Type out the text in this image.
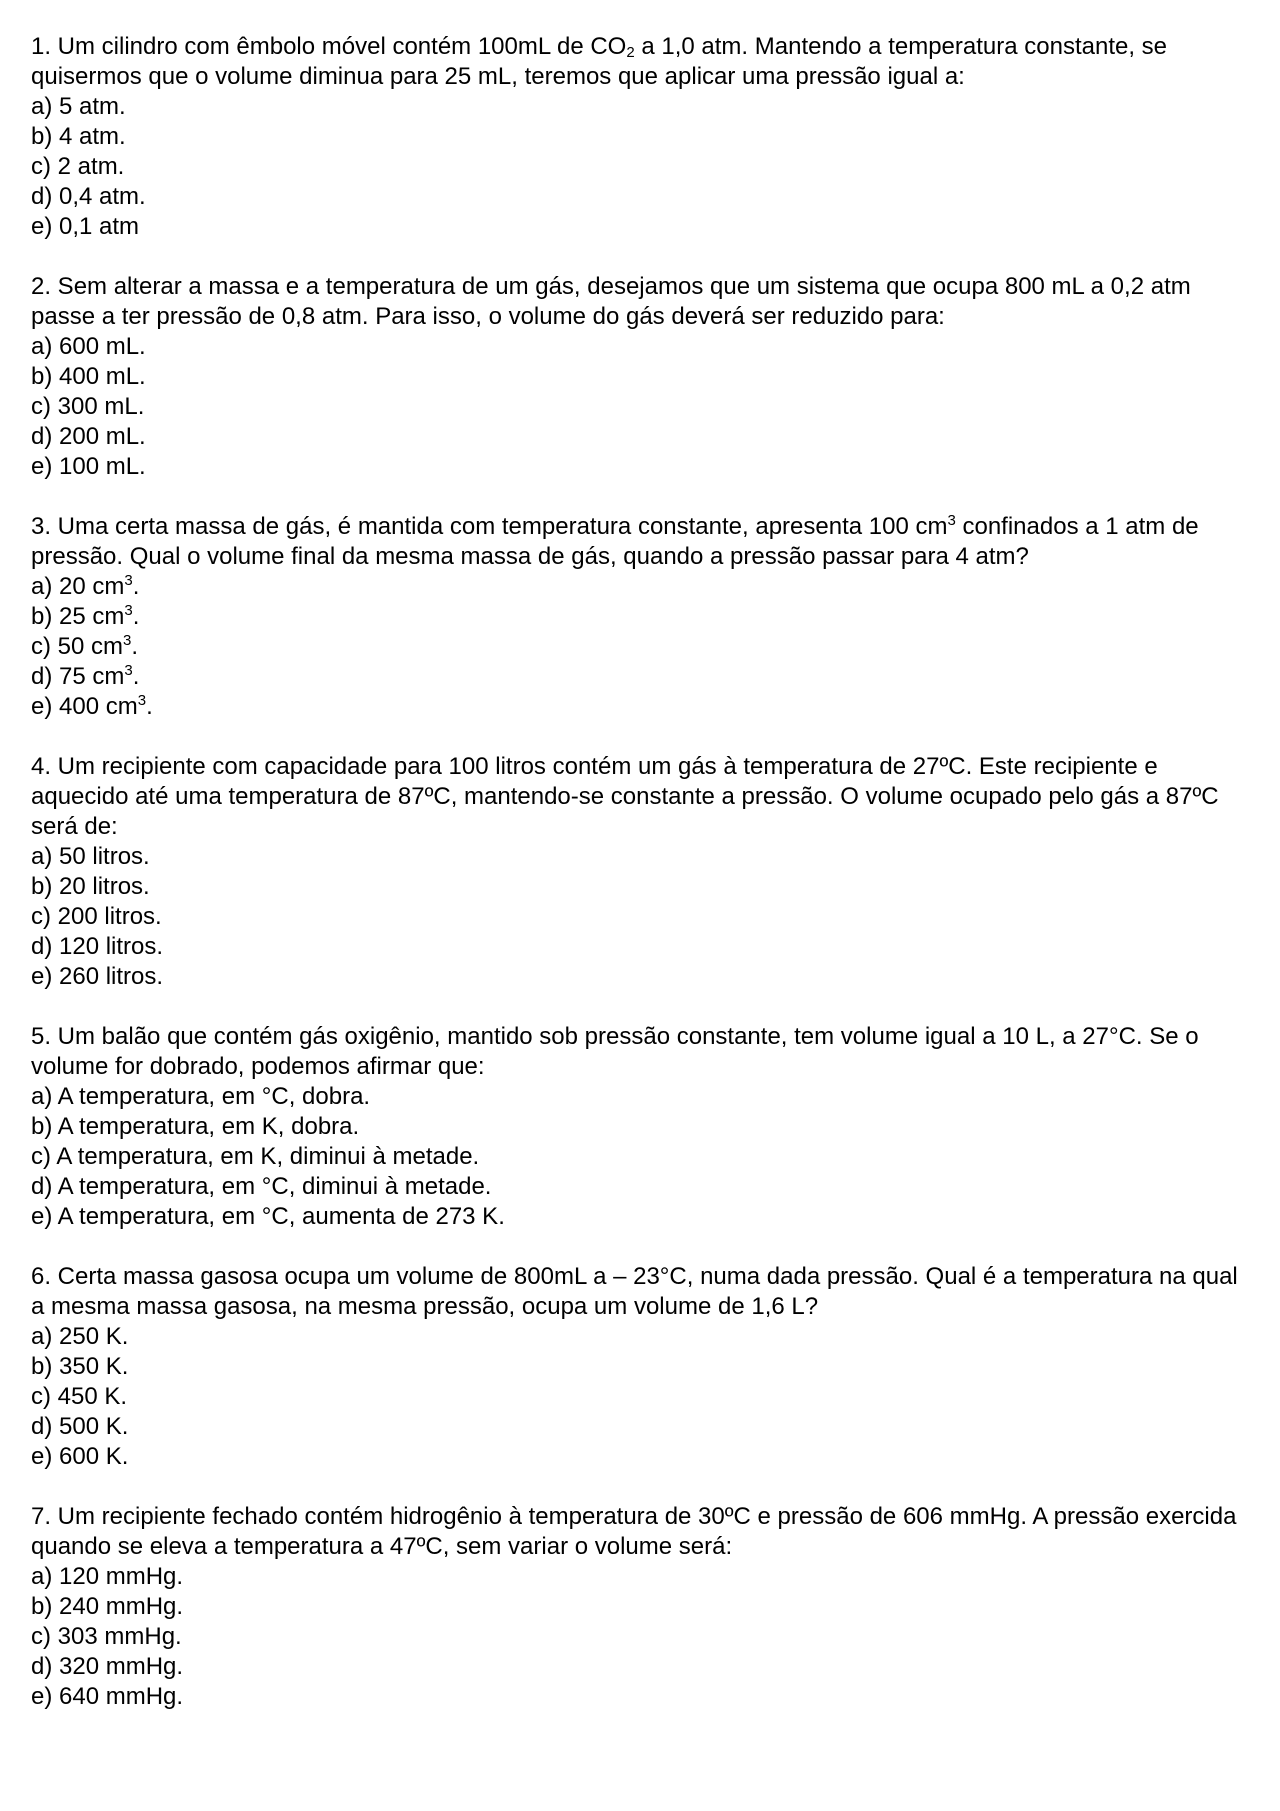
1. Um cilindro com êmbolo móvel contém 100mL de $CO_2$ a 1,0 atm. Mantendo a temperatura constante, se quisermos que o volume diminua para 25 mL, teremos que aplicar uma pressão igual a:

a) 5 atm.
b) 4 atm.
c) 2 atm.
d) 0,4 atm.
e) 0,1 atm

2. Sem alterar a massa e a temperatura de um gás, desejamos que um sistema que ocupa 800 mL a 0,2 atm passe a ter pressão de 0,8 atm. Para isso, o volume do gás deverá ser reduzido para:

a) 600 mL.
b) 400 mL.
c) 300 mL.
d) 200 mL.
e) 100 mL.

3. Uma certa massa de gás, é mantida com temperatura constante, apresenta 100 $cm^3$ confinados a 1 atm de pressão. Qual o volume final da mesma massa de gás, quando a pressão passar para 4 atm?

a) 20 $cm^3$.
b) 25 $cm^3$.
c) 50 $cm^3$.
d) 75 $cm^3$.
e) 400 $cm^3$.

4. Um recipiente com capacidade para 100 litros contém um gás à temperatura de 27ºC. Este recipiente e aquecido até uma temperatura de 87ºC, mantendo-se constante a pressão. O volume ocupado pelo gás a 87ºC será de:

a) 50 litros.
b) 20 litros.
c) 200 litros.
d) 120 litros.
e) 260 litros.

5. Um balão que contém gás oxigênio, mantido sob pressão constante, tem volume igual a 10 L, a 27°C. Se o volume for dobrado, podemos afirmar que:

a) A temperatura, em °C, dobra.
b) A temperatura, em K, dobra.
c) A temperatura, em K, diminui à metade.
d) A temperatura, em °C, diminui à metade.
e) A temperatura, em °C, aumenta de 273 K.

6. Certa massa gasosa ocupa um volume de 800mL a – 23°C, numa dada pressão. Qual é a temperatura na qual a mesma massa gasosa, na mesma pressão, ocupa um volume de 1,6 L?

a) 250 K.
b) 350 K.
c) 450 K.
d) 500 K.
e) 600 K.

7. Um recipiente fechado contém hidrogênio à temperatura de 30ºC e pressão de 606 mmHg. A pressão exercida quando se eleva a temperatura a 47ºC, sem variar o volume será:

a) 120 mmHg.
b) 240 mmHg.
c) 303 mmHg.
d) 320 mmHg.
e) 640 mmHg.
